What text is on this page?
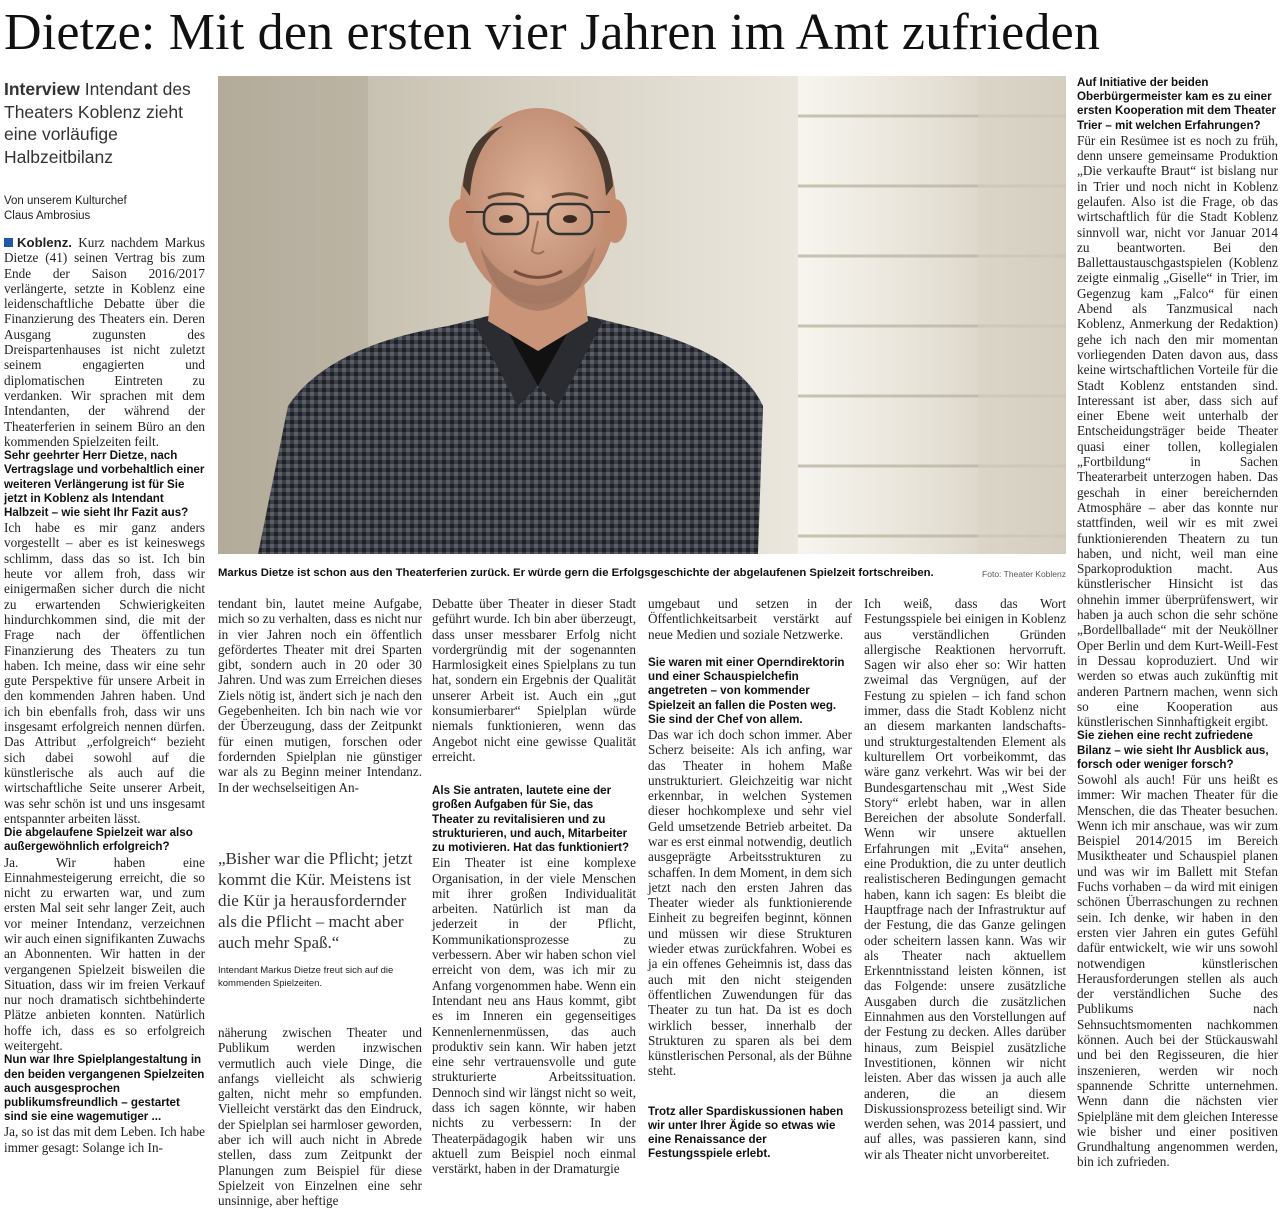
Dietze: Mit den ersten vier Jahren im Amt zufrieden

Interview Intendant des Theaters Koblenz zieht eine vorläufige Halbzeitbilanz

Von unserem Kulturchef
Claus Ambrosius

Koblenz. Kurz nachdem Markus Dietze (41) seinen Vertrag bis zum Ende der Saison 2016/2017 verlängerte, setzte in Koblenz eine leidenschaftliche Debatte über die Finanzierung des Theaters ein. Deren Ausgang zugunsten des Dreispartenhauses ist nicht zuletzt seinem engagierten und diplomatischen Eintreten zu verdanken. Wir sprachen mit dem Intendanten, der während der Theaterferien in seinem Büro an den kommenden Spielzeiten feilt.

Sehr geehrter Herr Dietze, nach Vertragslage und vorbehaltlich einer weiteren Verlängerung ist für Sie jetzt in Koblenz als Intendant Halbzeit – wie sieht Ihr Fazit aus?

Ich habe es mir ganz anders vorgestellt – aber es ist keineswegs schlimm, dass das so ist. Ich bin heute vor allem froh, dass wir einigermaßen sicher durch die nicht zu erwartenden Schwierigkeiten hindurchkommen sind, die mit der Frage nach der öffentlichen Finanzierung des Theaters zu tun haben. Ich meine, dass wir eine sehr gute Perspektive für unsere Arbeit in den kommenden Jahren haben. Und ich bin ebenfalls froh, dass wir uns insgesamt erfolgreich nennen dürfen. Das Attribut „erfolgreich“ bezieht sich dabei sowohl auf die künstlerische als auch auf die wirtschaftliche Seite unserer Arbeit, was sehr schön ist und uns insgesamt entspannter arbeiten lässt.

Die abgelaufene Spielzeit war also außergewöhnlich erfolgreich?

Ja. Wir haben eine Einnahmesteigerung erreicht, die so nicht zu erwarten war, und zum ersten Mal seit sehr langer Zeit, auch vor meiner Intendanz, verzeichnen wir auch einen signifikanten Zuwachs an Abonnenten. Wir hatten in der vergangenen Spielzeit bisweilen die Situation, dass wir im freien Verkauf nur noch dramatisch sichtbehinderte Plätze anbieten konnten. Natürlich hoffe ich, dass es so erfolgreich weitergeht.

Nun war Ihre Spielplangestaltung in den beiden vergangenen Spielzeiten auch ausgesprochen publikumsfreundlich – gestartet sind sie eine wagemutiger ...

Ja, so ist das mit dem Leben. Ich habe immer gesagt: Solange ich In-

Markus Dietze ist schon aus den Theaterferien zurück. Er würde gern die Erfolgsgeschichte der abgelaufenen Spielzeit fortschreiben.	Foto: Theater Koblenz

tendant bin, lautet meine Aufgabe, mich so zu verhalten, dass es nicht nur in vier Jahren noch ein öffentlich gefördertes Theater mit drei Sparten gibt, sondern auch in 20 oder 30 Jahren. Und was zum Erreichen dieses Ziels nötig ist, ändert sich je nach den Gegebenheiten. Ich bin nach wie vor der Überzeugung, dass der Zeitpunkt für einen mutigen, forschen oder fordernden Spielplan nie günstiger war als zu Beginn meiner Intendanz. In der wechselseitigen An-

„Bisher war die Pflicht; jetzt kommt die Kür. Meistens ist die Kür ja herausfordernder als die Pflicht – macht aber auch mehr Spaß.“

Intendant Markus Dietze freut sich auf die kommenden Spielzeiten.

näherung zwischen Theater und Publikum werden inzwischen vermutlich auch viele Dinge, die anfangs vielleicht als schwierig galten, nicht mehr so empfunden. Vielleicht verstärkt das den Eindruck, der Spielplan sei harmloser geworden, aber ich will auch nicht in Abrede stellen, dass zum Zeitpunkt der Planungen zum Beispiel für diese Spielzeit von Einzelnen eine sehr unsinnige, aber heftige

Debatte über Theater in dieser Stadt geführt wurde. Ich bin aber überzeugt, dass unser messbarer Erfolg nicht vordergründig mit der sogenannten Harmlosigkeit eines Spielplans zu tun hat, sondern ein Ergebnis der Qualität unserer Arbeit ist. Auch ein „gut konsumierbarer“ Spielplan würde niemals funktionieren, wenn das Angebot nicht eine gewisse Qualität erreicht.

Als Sie antraten, lautete eine der großen Aufgaben für Sie, das Theater zu revitalisieren und zu strukturieren, und auch, Mitarbeiter zu motivieren. Hat das funktioniert?

Ein Theater ist eine komplexe Organisation, in der viele Menschen mit ihrer großen Individualität arbeiten. Natürlich ist man da jederzeit in der Pflicht, Kommunikationsprozesse zu verbessern. Aber wir haben schon viel erreicht von dem, was ich mir zu Anfang vorgenommen habe. Wenn ein Intendant neu ans Haus kommt, gibt es im Inneren ein gegenseitiges Kennenlernenmüssen, das auch produktiv sein kann. Wir haben jetzt eine sehr vertrauensvolle und gute strukturierte Arbeitssituation. Dennoch sind wir längst nicht so weit, dass ich sagen könnte, wir haben nichts zu verbessern: In der Theaterpädagogik haben wir uns aktuell zum Beispiel noch einmal verstärkt, haben in der Dramaturgie

umgebaut und setzen in der Öffentlichkeitsarbeit verstärkt auf neue Medien und soziale Netzwerke.

Sie waren mit einer Operndirektorin und einer Schauspielchefin angetreten – von kommender Spielzeit an fallen die Posten weg. Sie sind der Chef von allem.

Das war ich doch schon immer. Aber Scherz beiseite: Als ich anfing, war das Theater in hohem Maße unstrukturiert. Gleichzeitig war nicht erkennbar, in welchen Systemen dieser hochkomplexe und sehr viel Geld umsetzende Betrieb arbeitet. Da war es erst einmal notwendig, deutlich ausgeprägte Arbeitsstrukturen zu schaffen. In dem Moment, in dem sich jetzt nach den ersten Jahren das Theater wieder als funktionierende Einheit zu begreifen beginnt, können und müssen wir diese Strukturen wieder etwas zurückfahren. Wobei es ja ein offenes Geheimnis ist, dass das auch mit den nicht steigenden öffentlichen Zuwendungen für das Theater zu tun hat. Da ist es doch wirklich besser, innerhalb der Strukturen zu sparen als bei dem künstlerischen Personal, als der Bühne steht.

Trotz aller Spardiskussionen haben wir unter Ihrer Ägide so etwas wie eine Renaissance der Festungsspiele erlebt.

Ich weiß, dass das Wort Festungsspiele bei einigen in Koblenz aus verständlichen Gründen allergische Reaktionen hervorruft. Sagen wir also eher so: Wir hatten zweimal das Vergnügen, auf der Festung zu spielen – ich fand schon immer, dass die Stadt Koblenz nicht an diesem markanten landschafts- und strukturgestaltenden Element als kulturellem Ort vorbeikommt, das wäre ganz verkehrt. Was wir bei der Bundesgartenschau mit „West Side Story“ erlebt haben, war in allen Bereichen der absolute Sonderfall. Wenn wir unsere aktuellen Erfahrungen mit „Evita“ ansehen, eine Produktion, die zu unter deutlich realistischeren Bedingungen gemacht haben, kann ich sagen: Es bleibt die Hauptfrage nach der Infrastruktur auf der Festung, die das Ganze gelingen oder scheitern lassen kann. Was wir als Theater nach aktuellem Erkenntnisstand leisten können, ist das Folgende: unsere zusätzliche Ausgaben durch die zusätzlichen Einnahmen aus den Vorstellungen auf der Festung zu decken. Alles darüber hinaus, zum Beispiel zusätzliche Investitionen, können wir nicht leisten. Aber das wissen ja auch alle anderen, die an diesem Diskussionsprozess beteiligt sind. Wir werden sehen, was 2014 passiert, und auf alles, was passieren kann, sind wir als Theater nicht unvorbereitet.

Auf Initiative der beiden Oberbürgermeister kam es zu einer ersten Kooperation mit dem Theater Trier – mit welchen Erfahrungen?

Für ein Resümee ist es noch zu früh, denn unsere gemeinsame Produktion „Die verkaufte Braut“ ist bislang nur in Trier und noch nicht in Koblenz gelaufen. Also ist die Frage, ob das wirtschaftlich für die Stadt Koblenz sinnvoll war, nicht vor Januar 2014 zu beantworten. Bei den Ballettaustauschgastspielen (Koblenz zeigte einmalig „Giselle“ in Trier, im Gegenzug kam „Falco“ für einen Abend als Tanzmusical nach Koblenz, Anmerkung der Redaktion) gehe ich nach den mir momentan vorliegenden Daten davon aus, dass keine wirtschaftlichen Vorteile für die Stadt Koblenz entstanden sind. Interessant ist aber, dass sich auf einer Ebene weit unterhalb der Entscheidungsträger beide Theater quasi einer tollen, kollegialen „Fortbildung“ in Sachen Theaterarbeit unterzogen haben. Das geschah in einer bereichernden Atmosphäre – aber das konnte nur stattfinden, weil wir es mit zwei funktionierenden Theatern zu tun haben, und nicht, weil man eine Sparkoproduktion macht. Aus künstlerischer Hinsicht ist das ohnehin immer überprüfenswert, wir haben ja auch schon die sehr schöne „Bordellballade“ mit der Neuköllner Oper Berlin und dem Kurt-Weill-Fest in Dessau koproduziert. Und wir werden so etwas auch zukünftig mit anderen Partnern machen, wenn sich so eine Kooperation aus künstlerischen Sinnhaftigkeit ergibt.

Sie ziehen eine recht zufriedene Bilanz – wie sieht Ihr Ausblick aus, forsch oder weniger forsch?

Sowohl als auch! Für uns heißt es immer: Wir machen Theater für die Menschen, die das Theater besuchen. Wenn ich mir anschaue, was wir zum Beispiel 2014/2015 im Bereich Musiktheater und Schauspiel planen und was wir im Ballett mit Stefan Fuchs vorhaben – da wird mit einigen schönen Überraschungen zu rechnen sein. Ich denke, wir haben in den ersten vier Jahren ein gutes Gefühl dafür entwickelt, wie wir uns sowohl notwendigen künstlerischen Herausforderungen stellen als auch der verständlichen Suche des Publikums nach Sehnsuchtsmomenten nachkommen können. Auch bei der Stückauswahl und bei den Regisseuren, die hier inszenieren, werden wir noch spannende Schritte unternehmen. Wenn dann die nächsten vier Spielpläne mit dem gleichen Interesse wie bisher und einer positiven Grundhaltung angenommen werden, bin ich zufrieden.
